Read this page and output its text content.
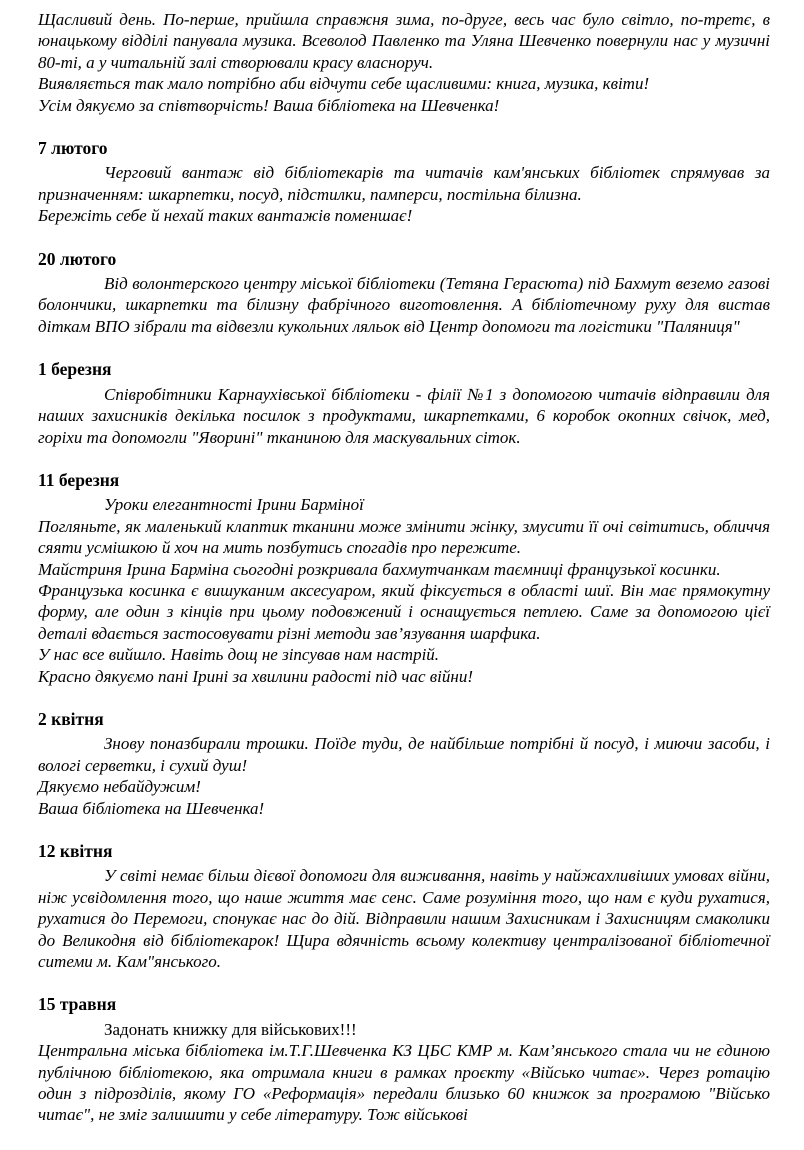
Щасливий день. По-перше, прийшла справжня зима, по-друге, весь час було світло, по-третє, в юнацькому відділі панувала музика. Всеволод Павленко та Уляна Шевченко повернули нас у музичні 80-ті, а у читальній залі створювали красу власноруч.

Виявляється так мало потрібно аби відчути себе щасливими: книга, музика, квіти!

Усім дякуємо за співтворчість! Ваша бібліотека на Шевченка!

7 лютого

Черговий вантаж від бібліотекарів та читачів кам'янських бібліотек спрямував за призначенням: шкарпетки, посуд, підстилки, памперси, постільна білизна.

Бережіть себе й нехай таких вантажів поменшає!

20 лютого

Від волонтерского центру міської бібліотеки (Тетяна Герасюта) під Бахмут веземо газові болончики, шкарпетки та білизну фабрічного виготовлення. А бібліотечному руху для вистав діткам ВПО зібрали та відвезли кукольних ляльок від Центр допомоги та логістики "Паляниця"

1 березня

Співробітники Карнаухівської бібліотеки - філії №1 з допомогою читачів відправили для наших захисників декілька посилок з продуктами, шкарпетками, 6 коробок окопних свічок, мед, горіхи та допомогли "Яворині" тканиною для маскувальних сіток.

11 березня

Уроки елегантності Ірини Барміної

Погляньте, як маленький клаптик тканини може змінити жінку, змусити її очі світитись, обличчя сяяти усмішкою й хоч на мить позбутись спогадів про пережите.

Майстриня Ірина Барміна сьогодні розкривала бахмутчанкам таємниці французької косинки.

Французька косинка є вишуканим аксесуаром, який фіксується в області шиї. Він має прямокутну форму, але один з кінців при цьому подовжений і оснащується петлею. Саме за допомогою цієї деталі вдається застосовувати різні методи зав’язування шарфика.

У нас все вийшло. Навіть дощ не зіпсував нам настрій.

Красно дякуємо пані Ірині за хвилини радості під час війни!

2 квітня

Знову поназбирали трошки. Поїде туди, де найбільше потрібні й посуд, і миючи засоби, і вологі серветки, і сухий душ!

Дякуємо небайдужим!

Ваша бібліотека на Шевченка!

12 квітня

У світі немає більш дієвої допомоги для виживання, навіть у найжахливіших умовах війни, ніж усвідомлення того, що наше життя має сенс. Саме розуміння того, що нам є куди рухатися, рухатися до Перемоги, спонукає нас до дій. Відправили нашим Захисникам і Захисницям смаколики до Великодня від бібліотекарок! Щира вдячність всьому колективу централізованої бібліотечної ситеми м. Кам"янського.

15 травня

Задонать книжку для військових!!!

Центральна міська бібліотека ім.Т.Г.Шевченка КЗ ЦБС КМР м. Кам’янського стала чи не єдиною публічною бібліотекою, яка отримала книги в рамках проєкту «Військо читає». Через ротацію один з підрозділів, якому ГО «Реформація» передали близько 60 книжок за програмою "Військо читає", не зміг залишити у себе літературу. Тож військові
